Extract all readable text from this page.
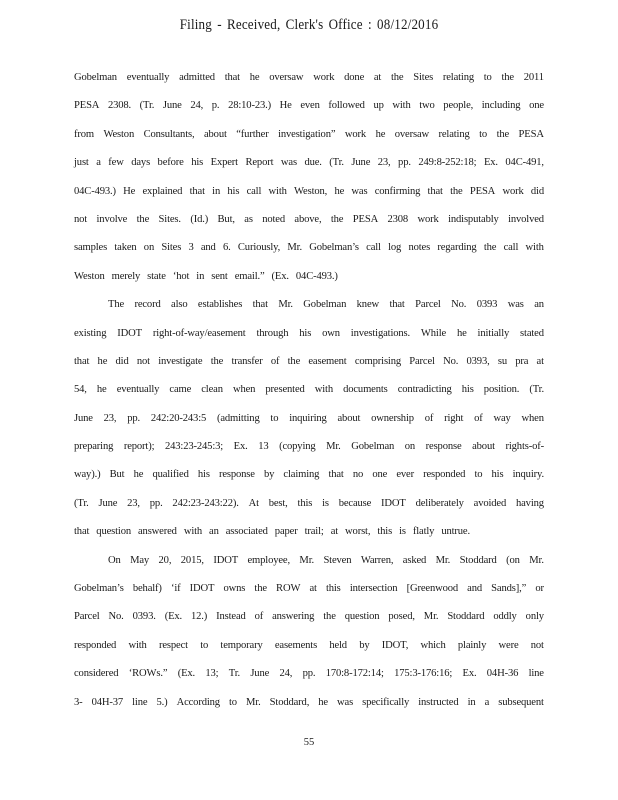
Filing - Received, Clerk's Office : 08/12/2016
Gobelman eventually admitted that he oversaw work done at the Sites relating to the 2011
PESA 2308. (Tr. June 24, p. 28:10-23.) He even followed up with two people, including one
from Weston Consultants, about “further investigation” work he oversaw relating to the PESA
just a few days before his Expert Report was due. (Tr. June 23, pp. 249:8-252:18; Ex. 04C-491,
04C-493.) He explained that in his call with Weston, he was confirming that the PESA work did
not involve the Sites. (Id.) But, as noted above, the PESA 2308 work indisputably involved
samples taken on Sites 3 and 6. Curiously, Mr. Gobelman’s call log notes regarding the call with
Weston merely state ‘hot in sent email.” (Ex. 04C-493.)
The record also establishes that Mr. Gobelman knew that Parcel No. 0393 was an
existing IDOT right-of-way/easement through his own investigations. While he initially stated
that he did not investigate the transfer of the easement comprising Parcel No. 0393, su pra at
54, he eventually came clean when presented with documents contradicting his position. (Tr.
June 23, pp. 242:20-243:5 (admitting to inquiring about ownership of right of way when
preparing report); 243:23-245:3; Ex. 13 (copying Mr. Gobelman on response about rights-of-
way).) But he qualified his response by claiming that no one ever responded to his inquiry.
(Tr. June 23, pp. 242:23-243:22). At best, this is because IDOT deliberately avoided having
that question answered with an associated paper trail; at worst, this is flatly untrue.
On May 20, 2015, IDOT employee, Mr. Steven Warren, asked Mr. Stoddard (on Mr.
Gobelman’s behalf) ‘if IDOT owns the ROW at this intersection [Greenwood and Sands],” or
Parcel No. 0393. (Ex. 12.) Instead of answering the question posed, Mr. Stoddard oddly only
responded with respect to temporary easements held by IDOT, which plainly were not
considered ‘ROWs.” (Ex. 13; Tr. June 24, pp. 170:8-172:14; 175:3-176:16; Ex. 04H-36 line
3- 04H-37 line 5.) According to Mr. Stoddard, he was specifically instructed in a subsequent
55
